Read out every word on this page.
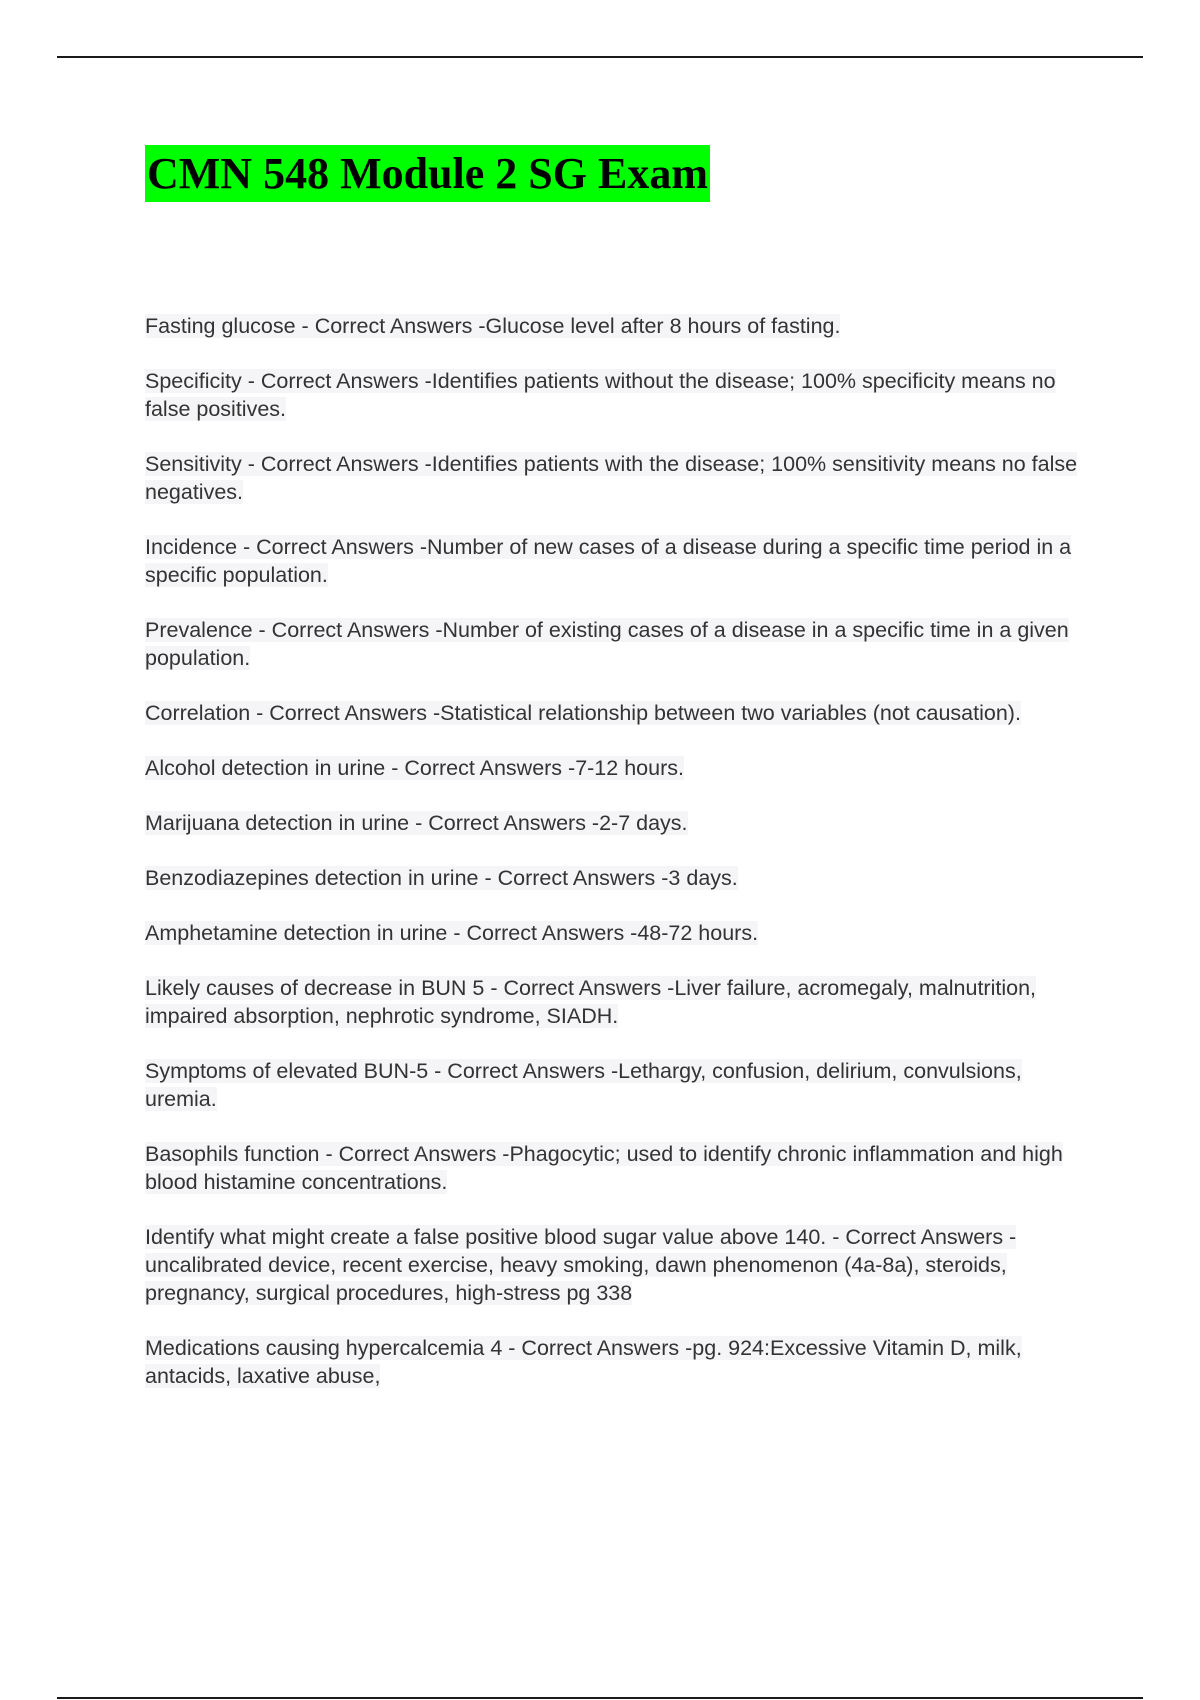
CMN 548 Module 2 SG Exam
Fasting glucose - Correct Answers -Glucose level after 8 hours of fasting.
Specificity - Correct Answers -Identifies patients without the disease; 100% specificity means no false positives.
Sensitivity - Correct Answers -Identifies patients with the disease; 100% sensitivity means no false negatives.
Incidence - Correct Answers -Number of new cases of a disease during a specific time period in a specific population.
Prevalence - Correct Answers -Number of existing cases of a disease in a specific time in a given population.
Correlation - Correct Answers -Statistical relationship between two variables (not causation).
Alcohol detection in urine - Correct Answers -7-12 hours.
Marijuana detection in urine - Correct Answers -2-7 days.
Benzodiazepines detection in urine - Correct Answers -3 days.
Amphetamine detection in urine - Correct Answers -48-72 hours.
Likely causes of decrease in BUN 5 - Correct Answers -Liver failure, acromegaly, malnutrition, impaired absorption, nephrotic syndrome, SIADH.
Symptoms of elevated BUN-5 - Correct Answers -Lethargy, confusion, delirium, convulsions, uremia.
Basophils function - Correct Answers -Phagocytic; used to identify chronic inflammation and high blood histamine concentrations.
Identify what might create a false positive blood sugar value above 140. - Correct Answers -uncalibrated device, recent exercise, heavy smoking, dawn phenomenon (4a-8a), steroids, pregnancy, surgical procedures, high-stress pg 338
Medications causing hypercalcemia 4 - Correct Answers -pg. 924:Excessive Vitamin D, milk, antacids, laxative abuse,
